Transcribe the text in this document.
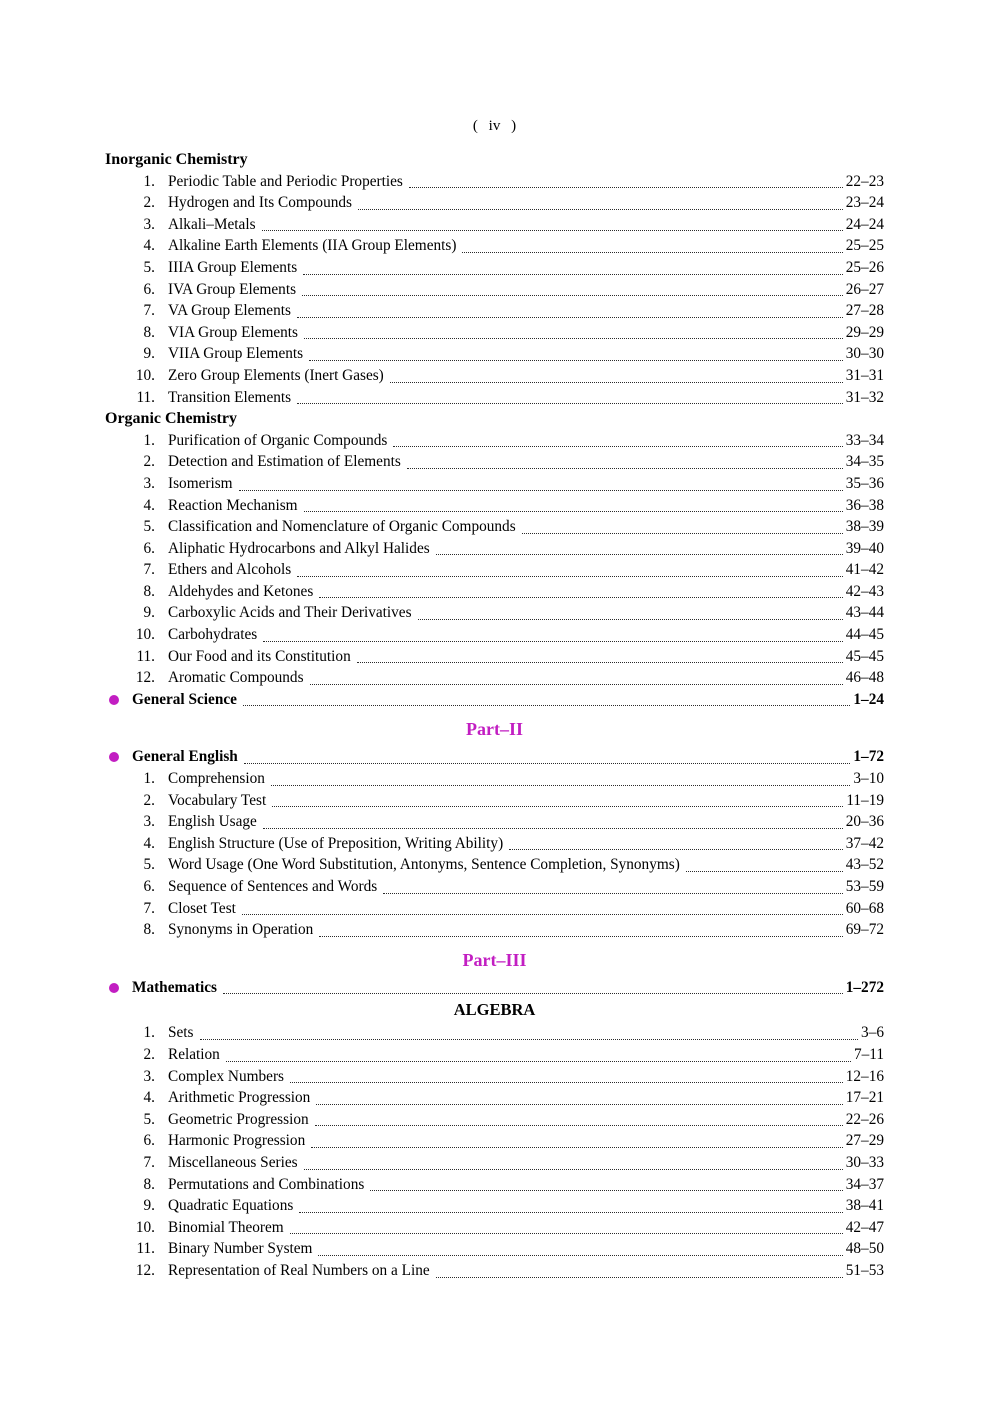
( iv )
Inorganic Chemistry
1. Periodic Table and Periodic Properties	22–23
2. Hydrogen and Its Compounds	23–24
3. Alkali–Metals	24–24
4. Alkaline Earth Elements (IIA Group Elements)	25–25
5. IIIA Group Elements	25–26
6. IVA Group Elements	26–27
7. VA Group Elements	27–28
8. VIA Group Elements	29–29
9. VIIA Group Elements	30–30
10. Zero Group Elements (Inert Gases)	31–31
11. Transition Elements	31–32
Organic Chemistry
1. Purification of Organic Compounds	33–34
2. Detection and Estimation of Elements	34–35
3. Isomerism	35–36
4. Reaction Mechanism	36–38
5. Classification and Nomenclature of Organic Compounds	38–39
6. Aliphatic Hydrocarbons and Alkyl Halides	39–40
7. Ethers and Alcohols	41–42
8. Aldehydes and Ketones	42–43
9. Carboxylic Acids and Their Derivatives	43–44
10. Carbohydrates	44–45
11. Our Food and its Constitution	45–45
12. Aromatic Compounds	46–48
General Science	1–24
Part–II
General English	1–72
1. Comprehension	3–10
2. Vocabulary Test	11–19
3. English Usage	20–36
4. English Structure (Use of Preposition, Writing Ability)	37–42
5. Word Usage (One Word Substitution, Antonyms, Sentence Completion, Synonyms)	43–52
6. Sequence of Sentences and Words	53–59
7. Closet Test	60–68
8. Synonyms in Operation	69–72
Part–III
Mathematics	1–272
ALGEBRA
1. Sets	3–6
2. Relation	7–11
3. Complex Numbers	12–16
4. Arithmetic Progression	17–21
5. Geometric Progression	22–26
6. Harmonic Progression	27–29
7. Miscellaneous Series	30–33
8. Permutations and Combinations	34–37
9. Quadratic Equations	38–41
10. Binomial Theorem	42–47
11. Binary Number System	48–50
12. Representation of Real Numbers on a Line	51–53
